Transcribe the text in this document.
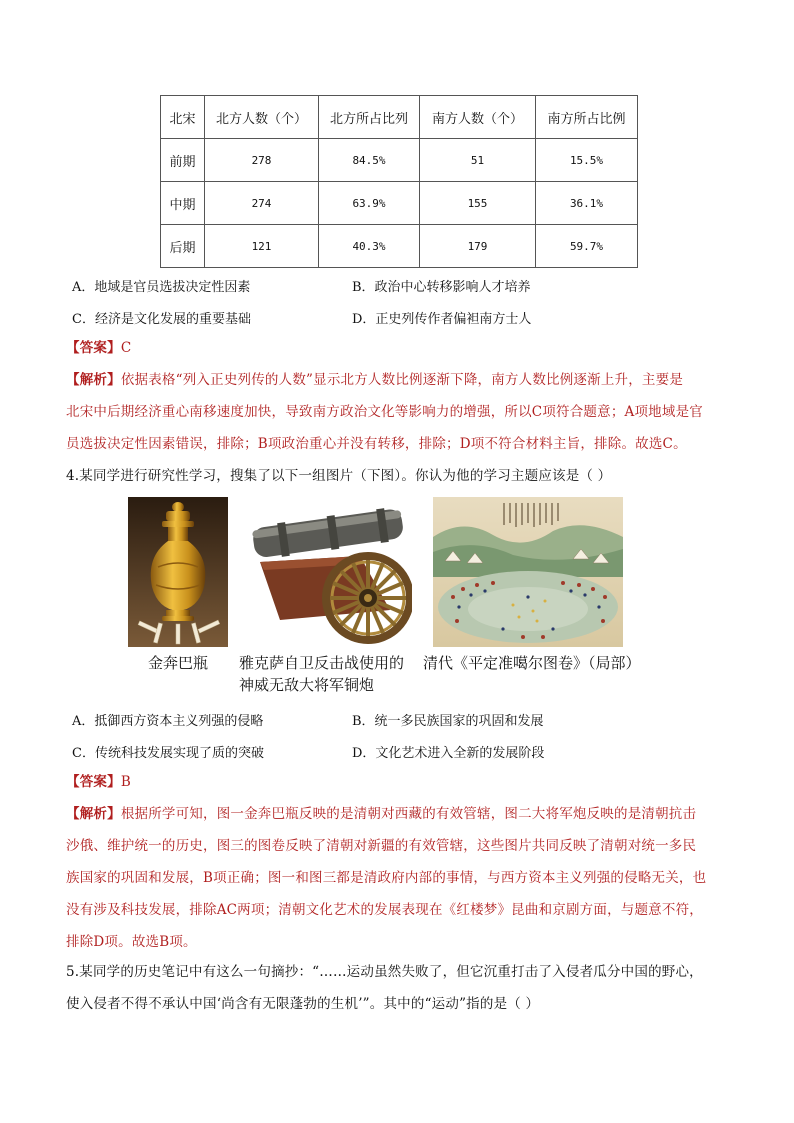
北宋	北方人数（个）	北方所占比列	南方人数（个）	南方所占比例
前期	278	84.5%	51	15.5%
中期	274	63.9%	155	36.1%
后期	121	40.3%	179	59.7%
A．地域是官员选拔决定性因素	B．政治中心转移影响人才培养
C．经济是文化发展的重要基础	D．正史列传作者偏袒南方士人
【答案】C
【解析】依据表格“列入正史列传的人数”显示北方人数比例逐渐下降，南方人数比例逐渐上升，主要是
北宋中后期经济重心南移速度加快，导致南方政治文化等影响力的增强，所以C项符合题意；A项地域是官
员选拔决定性因素错误，排除；B项政治重心并没有转移，排除；D项不符合材料主旨，排除。故选C。
4.某同学进行研究性学习，搜集了以下一组图片（下图）。你认为他的学习主题应该是（ ）
金奔巴瓶 雅克萨自卫反击战使用的
神威无敌大将军铜炮
清代《平定准噶尔图卷》（局部）
A．抵御西方资本主义列强的侵略	B．统一多民族国家的巩固和发展
C．传统科技发展实现了质的突破	D．文化艺术进入全新的发展阶段
【答案】B
【解析】根据所学可知，图一金奔巴瓶反映的是清朝对西藏的有效管辖，图二大将军炮反映的是清朝抗击
沙俄、维护统一的历史，图三的图卷反映了清朝对新疆的有效管辖，这些图片共同反映了清朝对统一多民
族国家的巩固和发展，B项正确；图一和图三都是清政府内部的事情，与西方资本主义列强的侵略无关，也
没有涉及科技发展，排除AC两项；清朝文化艺术的发展表现在《红楼梦》昆曲和京剧方面，与题意不符，
排除D项。故选B项。
5.某同学的历史笔记中有这么一句摘抄：“……运动虽然失败了，但它沉重打击了入侵者瓜分中国的野心，
使入侵者不得不承认中国‘尚含有无限蓬勃的生机’”。其中的“运动”指的是（ ）
